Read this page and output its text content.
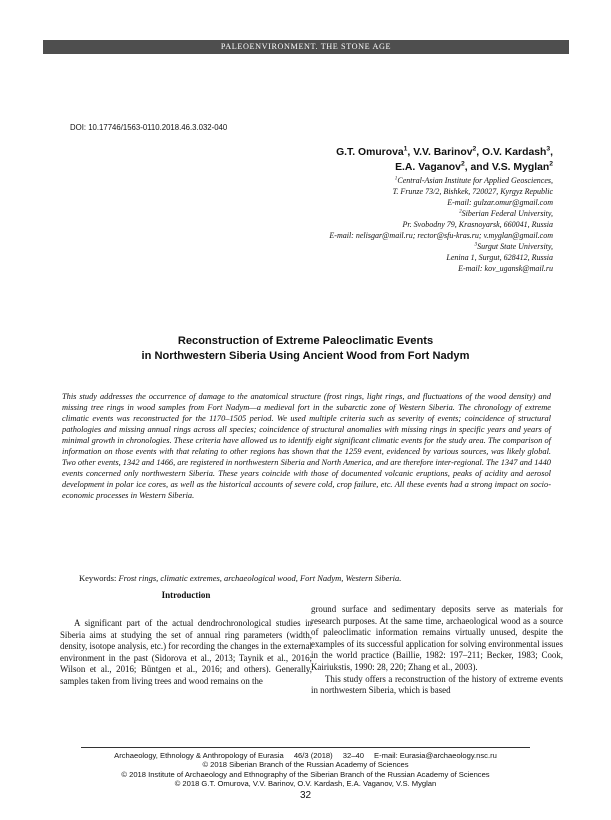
PALEOENVIRONMENT. THE STONE AGE
DOI: 10.17746/1563-0110.2018.46.3.032-040
G.T. Omurova$^1$, V.V. Barinov$^2$, O.V. Kardash$^3$,
E.A. Vaganov$^2$, and V.S. Myglan$^2$
$^1$Central-Asian Institute for Applied Geosciences,
T. Frunze 73/2, Bishkek, 720027, Kyrgyz Republic
E-mail: gulzar.omur@gmail.com
$^2$Siberian Federal University,
Pr. Svobodny 79, Krasnoyarsk, 660041, Russia
E-mail: nelisgar@mail.ru; rector@sfu-kras.ru; v.myglan@gmail.com
$^3$Surgut State University,
Lenina 1, Surgut, 628412, Russia
E-mail: kov_ugansk@mail.ru
Reconstruction of Extreme Paleoclimatic Events
in Northwestern Siberia Using Ancient Wood from Fort Nadym
This study addresses the occurrence of damage to the anatomical structure (frost rings, light rings, and fluctuations of the wood density) and missing tree rings in wood samples from Fort Nadym—a medieval fort in the subarctic zone of Western Siberia. The chronology of extreme climatic events was reconstructed for the 1170–1505 period. We used multiple criteria such as severity of events; coincidence of structural pathologies and missing annual rings across all species; coincidence of structural anomalies with missing rings in specific years and years of minimal growth in chronologies. These criteria have allowed us to identify eight significant climatic events for the study area. The comparison of information on those events with that relating to other regions has shown that the 1259 event, evidenced by various sources, was likely global. Two other events, 1342 and 1466, are registered in northwestern Siberia and North America, and are therefore inter-regional. The 1347 and 1440 events concerned only northwestern Siberia. These years coincide with those of documented volcanic eruptions, peaks of acidity and aerosol development in polar ice cores, as well as the historical accounts of severe cold, crop failure, etc. All these events had a strong impact on socio-economic processes in Western Siberia.
Keywords: Frost rings, climatic extremes, archaeological wood, Fort Nadym, Western Siberia.
Introduction

A significant part of the actual dendrochronological studies in Siberia aims at studying the set of annual ring parameters (width, density, isotope analysis, etc.) for recording the changes in the external environment in the past (Sidorova et al., 2013; Taynik et al., 2016; Wilson et al., 2016; Büntgen et al., 2016; and others). Generally, samples taken from living trees and wood remains on the

ground surface and sedimentary deposits serve as materials for research purposes. At the same time, archaeological wood as a source of paleoclimatic information remains virtually unused, despite the examples of its successful application for solving environmental issues in the world practice (Baillie, 1982: 197–211; Becker, 1983; Cook, Kairiukstis, 1990: 28, 220; Zhang et al., 2003).

This study offers a reconstruction of the history of extreme events in northwestern Siberia, which is based

Archaeology, Ethnology & Anthropology of Eurasia 46/3 (2018) 32–40 E-mail: Eurasia@archaeology.nsc.ru
© 2018 Siberian Branch of the Russian Academy of Sciences
© 2018 Institute of Archaeology and Ethnography of the Siberian Branch of the Russian Academy of Sciences
© 2018 G.T. Omurova, V.V. Barinov, O.V. Kardash, E.A. Vaganov, V.S. Myglan
32
